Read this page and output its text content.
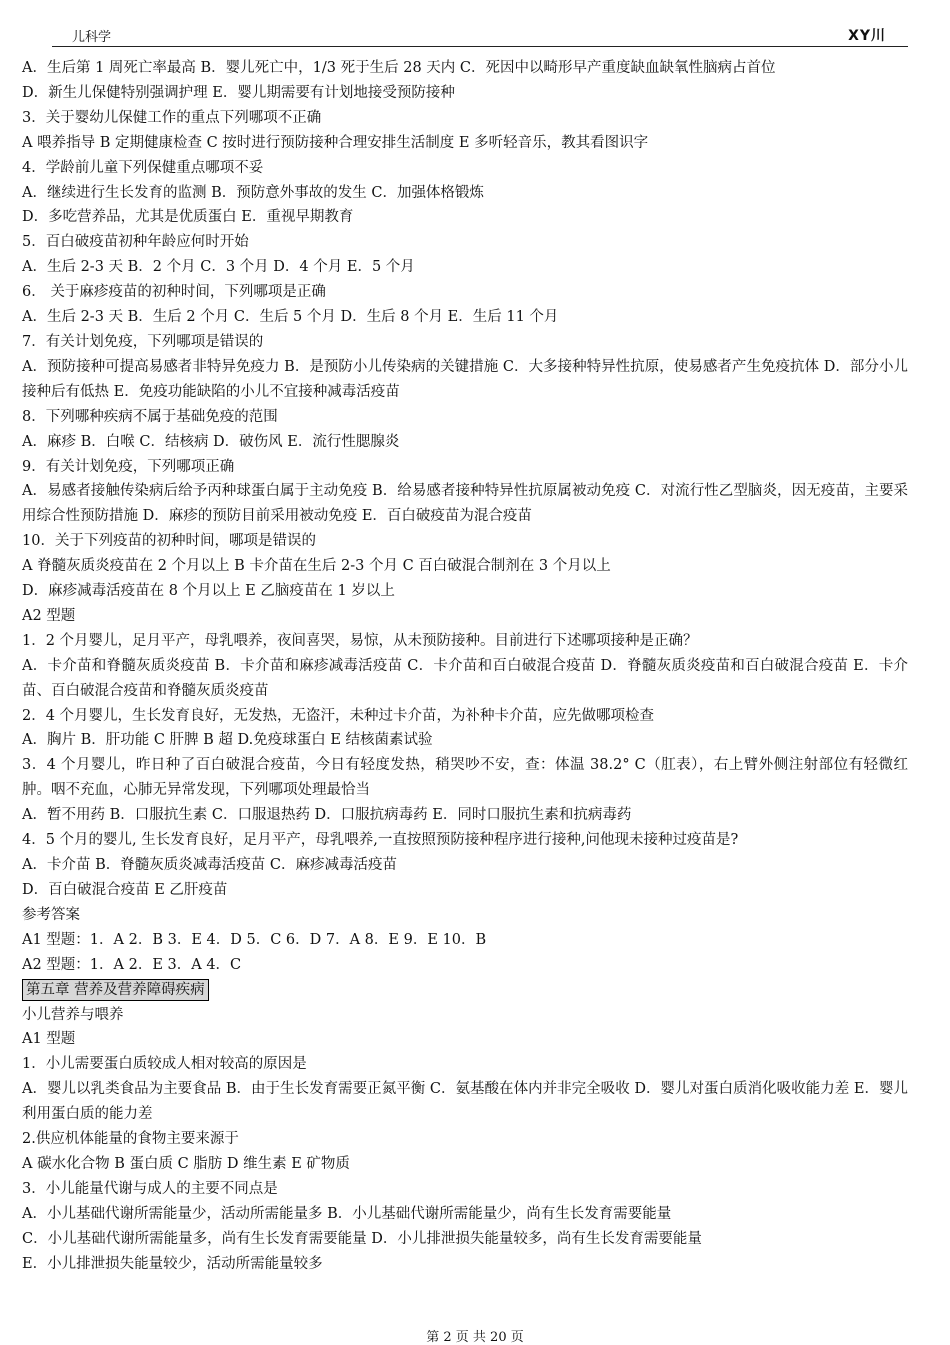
儿科学	XY川
A．生后第 1 周死亡率最高 B．婴儿死亡中，1/3 死于生后 28 天内 C．死因中以畸形早产重度缺血缺氧性脑病占首位
D．新生儿保健特别强调护理 E．婴儿期需要有计划地接受预防接种
3．关于婴幼儿保健工作的重点下列哪项不正确
A 喂养指导 B 定期健康检查 C 按时进行预防接种合理安排生活制度 E 多听轻音乐，教其看图识字
4．学龄前儿童下列保健重点哪项不妥
A．继续进行生长发育的监测 B．预防意外事故的发生 C．加强体格锻炼
D．多吃营养品，尤其是优质蛋白 E．重视早期教育
5．百白破疫苗初种年龄应何时开始
A．生后 2-3 天 B．2 个月 C．3 个月 D．4 个月 E．5 个月
6． 关于麻疹疫苗的初种时间，下列哪项是正确
A．生后 2-3 天 B．生后 2 个月 C．生后 5 个月 D．生后 8 个月 E．生后 11 个月
7．有关计划免疫，下列哪项是错误的
A．预防接种可提高易感者非特异免疫力 B．是预防小儿传染病的关键措施 C．大多接种特异性抗原，使易感者产生免疫抗体 D．部分小儿接种后有低热 E．免疫功能缺陷的小儿不宜接种减毒活疫苗
8．下列哪种疾病不属于基础免疫的范围
A．麻疹 B．白喉 C．结核病 D．破伤风 E．流行性腮腺炎
9．有关计划免疫，下列哪项正确
A．易感者接触传染病后给予丙种球蛋白属于主动免疫 B．给易感者接种特异性抗原属被动免疫 C．对流行性乙型脑炎，因无疫苗，主要采用综合性预防措施 D．麻疹的预防目前采用被动免疫 E．百白破疫苗为混合疫苗
10．关于下列疫苗的初种时间，哪项是错误的
A 脊髓灰质炎疫苗在 2 个月以上 B 卡介苗在生后 2-3 个月 C 百白破混合制剂在 3 个月以上
D．麻疹减毒活疫苗在 8 个月以上 E 乙脑疫苗在 1 岁以上
A2 型题
1．2 个月婴儿，足月平产，母乳喂养，夜间喜哭，易惊，从未预防接种。目前进行下述哪项接种是正确？
A．卡介苗和脊髓灰质炎疫苗 B．卡介苗和麻疹减毒活疫苗 C．卡介苗和百白破混合疫苗 D．脊髓灰质炎疫苗和百白破混合疫苗 E．卡介苗、百白破混合疫苗和脊髓灰质炎疫苗
2．4 个月婴儿，生长发育良好，无发热，无盗汗，未种过卡介苗，为补种卡介苗，应先做哪项检查
A．胸片 B．肝功能 C 肝脾 B 超 D.免疫球蛋白 E 结核菌素试验
3．4 个月婴儿，昨日种了百白破混合疫苗，今日有轻度发热，稍哭吵不安，查：体温 38.2° C（肛表），右上臂外侧注射部位有轻微红肿。咽不充血，心肺无异常发现，下列哪项处理最恰当
A．暂不用药 B．口服抗生素 C．口服退热药 D．口服抗病毒药 E．同时口服抗生素和抗病毒药
4．5 个月的婴儿, 生长发育良好，足月平产，母乳喂养,一直按照预防接种程序进行接种,问他现未接种过疫苗是?
A．卡介苗 B．脊髓灰质炎减毒活疫苗 C．麻疹减毒活疫苗
D．百白破混合疫苗 E 乙肝疫苗
参考答案
A1 型题：1．A 2．B 3．E 4．D 5．C 6．D 7．A 8．E 9．E 10．B
A2 型题：1．A 2．E 3．A 4．C
第五章 营养及营养障碍疾病
小儿营养与喂养
A1 型题
1．小儿需要蛋白质较成人相对较高的原因是
A．婴儿以乳类食品为主要食品 B．由于生长发育需要正氮平衡 C．氨基酸在体内并非完全吸收 D．婴儿对蛋白质消化吸收能力差 E．婴儿利用蛋白质的能力差
2.供应机体能量的食物主要来源于
A 碳水化合物 B 蛋白质 C 脂肪 D 维生素 E 矿物质
3．小儿能量代谢与成人的主要不同点是
A．小儿基础代谢所需能量少，活动所需能量多 B．小儿基础代谢所需能量少，尚有生长发育需要能量
C．小儿基础代谢所需能量多，尚有生长发育需要能量 D．小儿排泄损失能量较多，尚有生长发育需要能量
E．小儿排泄损失能量较少，活动所需能量较多
第 2 页 共 20 页
